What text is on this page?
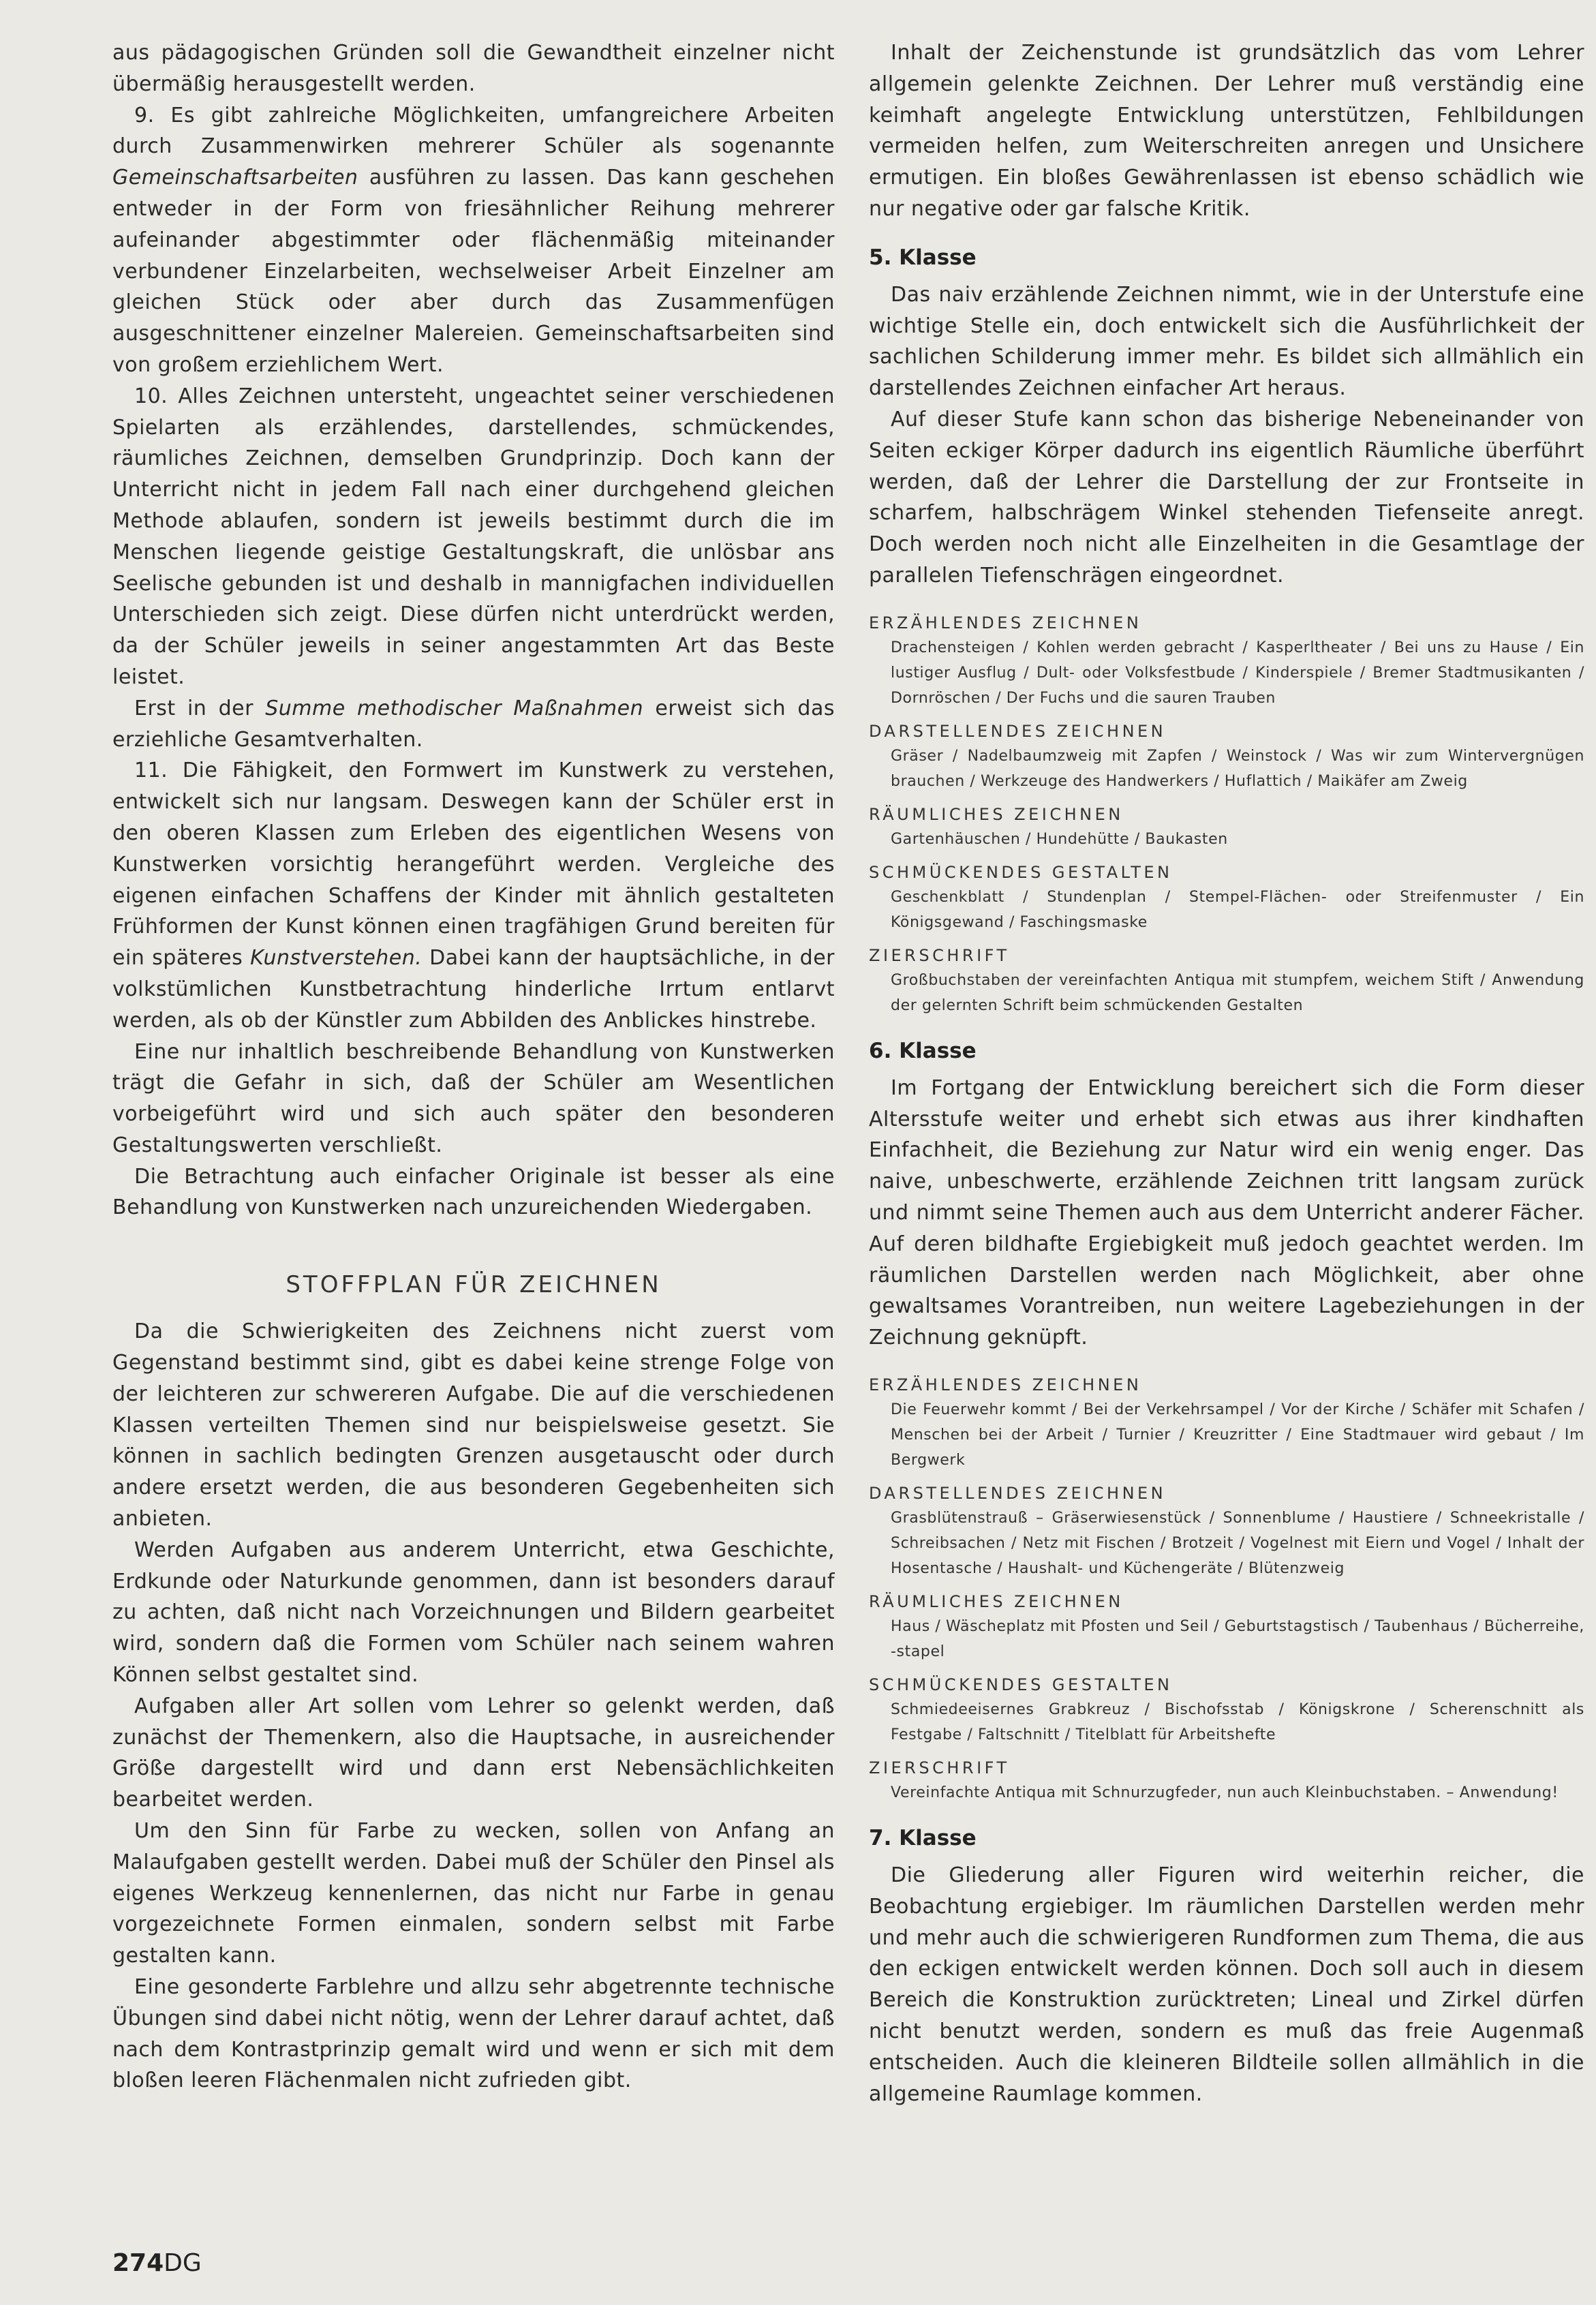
aus pädagogischen Gründen soll die Gewandtheit einzelner nicht übermäßig herausgestellt werden.

9. Es gibt zahlreiche Möglichkeiten, umfangreichere Arbeiten durch Zusammenwirken mehrerer Schüler als sogenannte Gemeinschaftsarbeiten ausführen zu lassen. Das kann geschehen entweder in der Form von friesähnlicher Reihung mehrerer aufeinander abgestimmter oder flächenmäßig miteinander verbundener Einzelarbeiten, wechselweiser Arbeit Einzelner am gleichen Stück oder aber durch das Zusammenfügen ausgeschnittener einzelner Malereien. Gemeinschaftsarbeiten sind von großem erziehlichem Wert.

10. Alles Zeichnen untersteht, ungeachtet seiner verschiedenen Spielarten als erzählendes, darstellendes, schmückendes, räumliches Zeichnen, demselben Grundprinzip. Doch kann der Unterricht nicht in jedem Fall nach einer durchgehend gleichen Methode ablaufen, sondern ist jeweils bestimmt durch die im Menschen liegende geistige Gestaltungskraft, die unlösbar ans Seelische gebunden ist und deshalb in mannigfachen individuellen Unterschieden sich zeigt. Diese dürfen nicht unterdrückt werden, da der Schüler jeweils in seiner angestammten Art das Beste leistet.

Erst in der Summe methodischer Maßnahmen erweist sich das erziehliche Gesamtverhalten.

11. Die Fähigkeit, den Formwert im Kunstwerk zu verstehen, entwickelt sich nur langsam. Deswegen kann der Schüler erst in den oberen Klassen zum Erleben des eigentlichen Wesens von Kunstwerken vorsichtig herangeführt werden. Vergleiche des eigenen einfachen Schaffens der Kinder mit ähnlich gestalteten Frühformen der Kunst können einen tragfähigen Grund bereiten für ein späteres Kunstverstehen. Dabei kann der hauptsächliche, in der volkstümlichen Kunstbetrachtung hinderliche Irrtum entlarvt werden, als ob der Künstler zum Abbilden des Anblickes hinstrebe.

Eine nur inhaltlich beschreibende Behandlung von Kunstwerken trägt die Gefahr in sich, daß der Schüler am Wesentlichen vorbeigeführt wird und sich auch später den besonderen Gestaltungswerten verschließt.

Die Betrachtung auch einfacher Originale ist besser als eine Behandlung von Kunstwerken nach unzureichenden Wiedergaben.

STOFFPLAN FÜR ZEICHNEN

Da die Schwierigkeiten des Zeichnens nicht zuerst vom Gegenstand bestimmt sind, gibt es dabei keine strenge Folge von der leichteren zur schwereren Aufgabe. Die auf die verschiedenen Klassen verteilten Themen sind nur beispielsweise gesetzt. Sie können in sachlich bedingten Grenzen ausgetauscht oder durch andere ersetzt werden, die aus besonderen Gegebenheiten sich anbieten.

Werden Aufgaben aus anderem Unterricht, etwa Geschichte, Erdkunde oder Naturkunde genommen, dann ist besonders darauf zu achten, daß nicht nach Vorzeichnungen und Bildern gearbeitet wird, sondern daß die Formen vom Schüler nach seinem wahren Können selbst gestaltet sind.

Aufgaben aller Art sollen vom Lehrer so gelenkt werden, daß zunächst der Themenkern, also die Hauptsache, in ausreichender Größe dargestellt wird und dann erst Nebensächlichkeiten bearbeitet werden.

Um den Sinn für Farbe zu wecken, sollen von Anfang an Malaufgaben gestellt werden. Dabei muß der Schüler den Pinsel als eigenes Werkzeug kennenlernen, das nicht nur Farbe in genau vorgezeichnete Formen einmalen, sondern selbst mit Farbe gestalten kann.

Eine gesonderte Farblehre und allzu sehr abgetrennte technische Übungen sind dabei nicht nötig, wenn der Lehrer darauf achtet, daß nach dem Kontrastprinzip gemalt wird und wenn er sich mit dem bloßen leeren Flächenmalen nicht zufrieden gibt.

Inhalt der Zeichenstunde ist grundsätzlich das vom Lehrer allgemein gelenkte Zeichnen. Der Lehrer muß verständig eine keimhaft angelegte Entwicklung unterstützen, Fehlbildungen vermeiden helfen, zum Weiterschreiten anregen und Unsichere ermutigen. Ein bloßes Gewährenlassen ist ebenso schädlich wie nur negative oder gar falsche Kritik.

5. Klasse

Das naiv erzählende Zeichnen nimmt, wie in der Unterstufe eine wichtige Stelle ein, doch entwickelt sich die Ausführlichkeit der sachlichen Schilderung immer mehr. Es bildet sich allmählich ein darstellendes Zeichnen einfacher Art heraus.

Auf dieser Stufe kann schon das bisherige Nebeneinander von Seiten eckiger Körper dadurch ins eigentlich Räumliche überführt werden, daß der Lehrer die Darstellung der zur Frontseite in scharfem, halbschrägem Winkel stehenden Tiefenseite anregt. Doch werden noch nicht alle Einzelheiten in die Gesamtlage der parallelen Tiefenschrägen eingeordnet.

ERZÄHLENDES ZEICHNEN

Drachensteigen / Kohlen werden gebracht / Kasperltheater / Bei uns zu Hause / Ein lustiger Ausflug / Dult- oder Volksfestbude / Kinderspiele / Bremer Stadtmusikanten / Dornröschen / Der Fuchs und die sauren Trauben

DARSTELLENDES ZEICHNEN

Gräser / Nadelbaumzweig mit Zapfen / Weinstock / Was wir zum Wintervergnügen brauchen / Werkzeuge des Handwerkers / Huflattich / Maikäfer am Zweig

RÄUMLICHES ZEICHNEN

Gartenhäuschen / Hundehütte / Baukasten

SCHMÜCKENDES GESTALTEN

Geschenkblatt / Stundenplan / Stempel-Flächen- oder Streifenmuster / Ein Königsgewand / Faschingsmaske

ZIERSCHRIFT

Großbuchstaben der vereinfachten Antiqua mit stumpfem, weichem Stift / Anwendung der gelernten Schrift beim schmückenden Gestalten

6. Klasse

Im Fortgang der Entwicklung bereichert sich die Form dieser Altersstufe weiter und erhebt sich etwas aus ihrer kindhaften Einfachheit, die Beziehung zur Natur wird ein wenig enger. Das naive, unbeschwerte, erzählende Zeichnen tritt langsam zurück und nimmt seine Themen auch aus dem Unterricht anderer Fächer. Auf deren bildhafte Ergiebigkeit muß jedoch geachtet werden. Im räumlichen Darstellen werden nach Möglichkeit, aber ohne gewaltsames Vorantreiben, nun weitere Lagebeziehungen in der Zeichnung geknüpft.

ERZÄHLENDES ZEICHNEN

Die Feuerwehr kommt / Bei der Verkehrsampel / Vor der Kirche / Schäfer mit Schafen / Menschen bei der Arbeit / Turnier / Kreuzritter / Eine Stadtmauer wird gebaut / Im Bergwerk

DARSTELLENDES ZEICHNEN

Grasblütenstrauß – Gräserwiesenstück / Sonnenblume / Haustiere / Schneekristalle / Schreibsachen / Netz mit Fischen / Brotzeit / Vogelnest mit Eiern und Vogel / Inhalt der Hosentasche / Haushalt- und Küchengeräte / Blütenzweig

RÄUMLICHES ZEICHNEN

Haus / Wäscheplatz mit Pfosten und Seil / Geburtstagstisch / Taubenhaus / Bücherreihe, -stapel

SCHMÜCKENDES GESTALTEN

Schmiedeeisernes Grabkreuz / Bischofsstab / Königskrone / Scherenschnitt als Festgabe / Faltschnitt / Titelblatt für Arbeitshefte

ZIERSCHRIFT

Vereinfachte Antiqua mit Schnurzugfeder, nun auch Kleinbuchstaben. – Anwendung!

7. Klasse

Die Gliederung aller Figuren wird weiterhin reicher, die Beobachtung ergiebiger. Im räumlichen Darstellen werden mehr und mehr auch die schwierigeren Rundformen zum Thema, die aus den eckigen entwickelt werden können. Doch soll auch in diesem Bereich die Konstruktion zurücktreten; Lineal und Zirkel dürfen nicht benutzt werden, sondern es muß das freie Augenmaß entscheiden. Auch die kleineren Bildteile sollen allmählich in die allgemeine Raumlage kommen.

274DG
